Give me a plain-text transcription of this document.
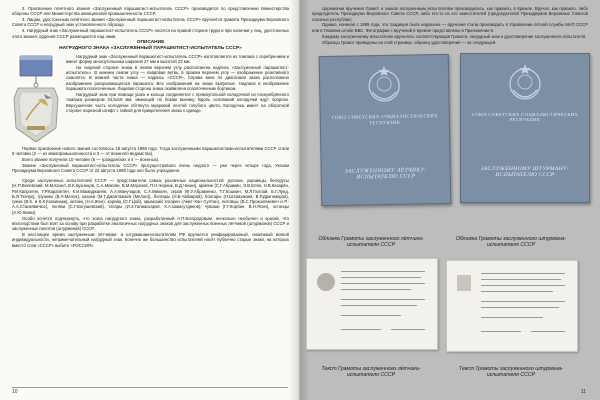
2. Присвоение почётного звания «Заслуженный парашютист-испытатель СССР» производится по представлению Министерства обороны СССР или Министерства авиационной промышленности СССР.

3. Лицам, удостоенным почётного звания «Заслуженный парашютист-испытатель СССР» вручается грамота Президиума Верховного Совета СССР и нагрудный знак установленного образца.

4. Нагрудный знак «Заслуженный парашютист-испытатель СССР» носится на правой стороне груди и при наличии у лиц, удостоенных этого звания, орденов СССР размещается над ними.

ОПИСАНИЕ
НАГРУДНОГО ЗНАКА «ЗАСЛУЖЕННЫЙ ПАРАШЮТИСТ-ИСПЫТАТЕЛЬ СССР»

Нагрудный знак «Заслуженный парашютист-испытатель СССР» изготовляется из томпака с серебрением и имеет форму многоугольника шириной 27 мм и высотой 23 мм.

На лицевой стороне знака в левом верхнем углу расположена надпись «Заслуженный парашютист-испытатель». В нижнем левом углу — лавровая ветвь, в правом верхнем углу — изображение реактивного самолёта. В нижней части знака — надпись «СССР». Справа вниз по диагонали знака расположено изображение раскрывающегося парашюта. Все изображения на знаке выпуклые. Надписи и изображение парашюта позолоченные. Лицевая сторона знака окаймлена позолоченным бортиком.

Нагрудный знак при помощи ушка и кольца соединяется с прямоугольной колодочкой из посеребрённого томпака размером 24,5х16 мм, имеющей по бокам выемку. Вдоль оснований колодочки идут прорези. Верхушечная часть колодочки обтянута муаровой лентой голубого цвета. Колодочка имеет на оборотной стороне нарезной штифт с гайкой для прикрепления знака к одежде.

Первое присвоение нового звания состоялось 18 августа 1988 года. Тогда заслуженными парашютистами-испытателями СССР стали 5 человек (2 — из авиапромышленности и 3 — от военного ведомства).

Всего звание получили 10 человек (6 — гражданских и 4 — военных).

Звание «Заслуженный парашютист-испытатель СССР» просуществовало очень недолго — уже через четыре года, Указом Президиума Верховного Совета СССР от 22 августа 1988 года оно было упразднено.

Среди заслуженных испытателей СССР — представители самых различных национальностей: русские, украинцы, белорусы (Н.П.Белевский, М.М.Козел, В.К.Кузнецов, С.А.Микоян, В.М.Морозов, П.Н.Черник, В.Д.Чекин), армяне (С.Г.Абрамян, Э.В.Елян, Н.В.Казарян, Р.И.Капрэлян, Г.Р.Карапетян, К.И.Мамаджанян, А.А.Манучаров, С.А.Микоян, серов (Ф.У.Абраменко, Т.Г.Кошкин, М.Л.Галлай, Б.Г.Лунд, Б.Я.Ткачук), грузины (В.Ч.Мелох), казахи (М.Т.Джантажаев (Мелон)), болгары (Н.Б.Чабакров), болгары (Н.Ш.Шахмаев, В.Р.Драгомиров), греки (В.К. и К.К.Коккинаки), китаец (Н.А.Жен), корейц (О.Г.Цой), крымский татарин (Амет-Хан Султан), литовцы (В.С.Прокшлякевич и Р.-А.А.Станкявичюс), поляки (С.Г.Богушевский), татары (И.З.Галиаскаров, Х.А.Шамсутдинов), чуваши (Г.Г.Корбин, В.Н.Ясин), эстонцы (А.Ю.Кюми).

Особо хочется подчеркнуть, что эскиз нагрудного знака, разработанный А.П.Богородовым, несколько необычен и красив, что впоследствии был взят за основу при разработке аналогичных нагрудных знаков для заслуженных военных лётчиков (штурманов) СССР и заслуженных пилотов (штурманов) СССР.

В настоящее время заслуженным лётчикам- и штурманам-испытателям РФ вручается унифицированный, лишённый всякой индивидуальности, непримечательный нагрудный знак. Конечно же большинство испытателей носят публично старые знаки, на которых вместо слов «СССР» выбито «РОССИЯ».

10

Церемонии вручения Грамот и знаков заслуженным испытателям производились, как правило, в Кремле. Вручал, как правило, либо председатель Президиума Верховного Совета СССР, либо кто-то из его заместителей (председателей Президиумов Верховных Советов союзных республик).

Однако, начиная с 1989 года, эта традиция была нарушена — вручения стали производить в Управлении лётной службы МАП СССР или в Главном штабе ВВС. Фотографии с вручений в Кремле представлены в Приложении 5.

Каждому заслуженному испытателю вручалось соответствующая Грамота, нагрудный знак и удостоверение заслуженного испытателя.

Образцы Грамот приведены на этой странице, образец удостоверения — на следующей.

СОЮЗ СОВЕТСКИХ СОЦИАЛИСТИЧЕСКИХ РЕСПУБЛИК
ЗАСЛУЖЕННОМУ ЛЁТЧИКУ-ИСПЫТАТЕЛЮ СССР
СОЮЗ СОВЕТСКИХ СОЦИАЛИСТИЧЕСКИХ РЕСПУБЛИК
ЗАСЛУЖЕННОМУ ШТУРМАНУ-ИСПЫТАТЕЛЮ СССР
Обложка Грамоты заслуженного лётчика-испытателя СССР
Обложка Грамоты заслуженного штурмана-испытателя СССР
Текст Грамоты заслуженного лётчика-испытателя СССР
Текст Грамоты заслуженного штурмана-испытателя СССР
11
